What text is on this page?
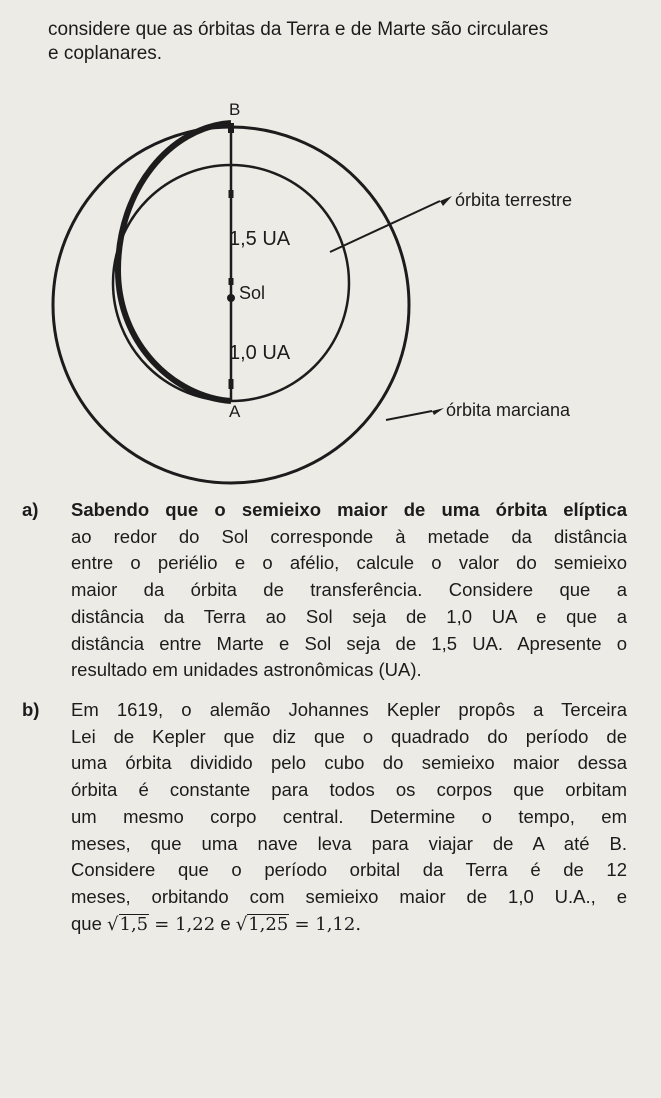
considere que as órbitas da Terra e de Marte são circulares
e coplanares.
B
1,5 UA
Sol
1,0 UA
A
órbita terrestre
órbita marciana
a) Sabendo que o semieixo maior de uma órbita elíptica
ao redor do Sol corresponde à metade da distância
entre o periélio e o afélio, calcule o valor do semieixo
maior da órbita de transferência. Considere que a
distância da Terra ao Sol seja de 1,0 UA e que a
distância entre Marte e Sol seja de 1,5 UA. Apresente o
resultado em unidades astronômicas (UA).
b) Em 1619, o alemão Johannes Kepler propôs a Terceira
Lei de Kepler que diz que o quadrado do período de
uma órbita dividido pelo cubo do semieixo maior dessa
órbita é constante para todos os corpos que orbitam
um mesmo corpo central. Determine o tempo, em
meses, que uma nave leva para viajar de A até B.
Considere que o período orbital da Terra é de 12
meses, orbitando com semieixo maior de 1,0 U.A., e
que √1,5 = 1,22 e √1,25 = 1,12.
